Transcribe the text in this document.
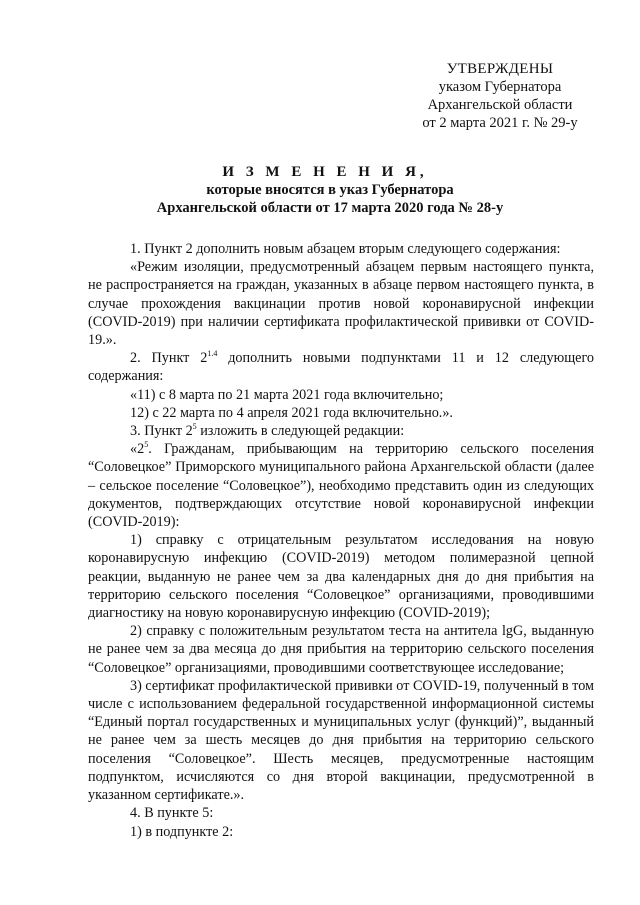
УТВЕРЖДЕНЫ
указом Губернатора
Архангельской области
от 2 марта 2021 г. № 29-у
И З М Е Н Е Н И Я,
которые вносятся в указ Губернатора
Архангельской области от 17 марта 2020 года № 28-у

1. Пункт 2 дополнить новым абзацем вторым следующего содержания:

«Режим изоляции, предусмотренный абзацем первым настоящего пункта, не распространяется на граждан, указанных в абзаце первом настоящего пункта, в случае прохождения вакцинации против новой коронавирусной инфекции (COVID-2019) при наличии сертификата профилактической прививки от COVID-19.».

2. Пункт $2^{1.4}$ дополнить новыми подпунктами 11 и 12 следующего содержания:

«11) с 8 марта по 21 марта 2021 года включительно;

12) с 22 марта по 4 апреля 2021 года включительно.».

3. Пункт $2^5$ изложить в следующей редакции:

«$2^5$. Гражданам, прибывающим на территорию сельского поселения “Соловецкое” Приморского муниципального района Архангельской области (далее – сельское поселение “Соловецкое”), необходимо представить один из следующих документов, подтверждающих отсутствие новой коронавирусной инфекции (COVID-2019):

1) справку с отрицательным результатом исследования на новую коронавирусную инфекцию (COVID-2019) методом полимеразной цепной реакции, выданную не ранее чем за два календарных дня до дня прибытия на территорию сельского поселения “Соловецкое” организациями, проводившими диагностику на новую коронавирусную инфекцию (COVID-2019);

2) справку с положительным результатом теста на антитела lgG, выданную не ранее чем за два месяца до дня прибытия на территорию сельского поселения “Соловецкое” организациями, проводившими соответствующее исследование;

3) сертификат профилактической прививки от COVID-19, полученный в том числе с использованием федеральной государственной информационной системы “Единый портал государственных и муниципальных услуг (функций)”, выданный не ранее чем за шесть месяцев до дня прибытия на территорию сельского поселения “Соловецкое”. Шесть месяцев, предусмотренные настоящим подпунктом, исчисляются со дня второй вакцинации, предусмотренной в указанном сертификате.».

4. В пункте 5:

1) в подпункте 2:
